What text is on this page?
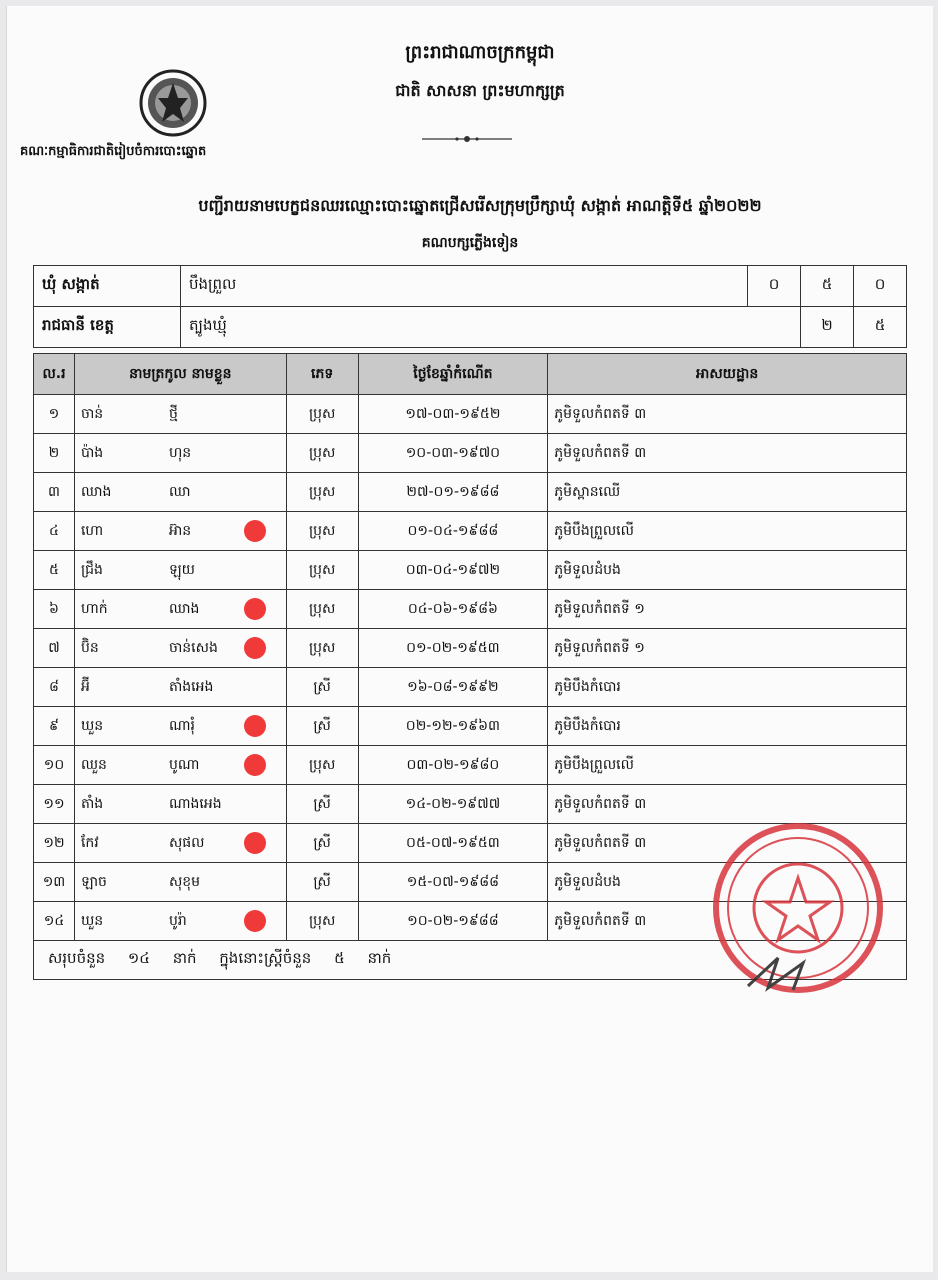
ព្រះរាជាណាចក្រកម្ពុជា
ជាតិ សាសនា ព្រះមហាក្សត្រ
គណៈកម្មាធិការជាតិរៀបចំការបោះឆ្នោត
បញ្ជីរាយនាមបេក្ខជនឈរឈ្មោះបោះឆ្នោតជ្រើសរើសក្រុមប្រឹក្សាឃុំ សង្កាត់ អាណត្តិទី៥ ឆ្នាំ២០២២
គណបក្សភ្លើងទៀន
ឃុំ សង្កាត់	បឹងព្រួល	០	៥	០
រាជធានី ខេត្ត	ត្បូងឃ្មុំ		២	៥
ល.រ	នាមត្រកូល នាមខ្លួន	ភេទ	ថ្ងៃខែឆ្នាំកំណើត	អាសយដ្ឋាន
១	ចាន់ ថ្មី	ប្រុស	១៧-០៣-១៩៥២	ភូមិទួលកំពតទី ៣
២	ប៉ាង ហុន	ប្រុស	១០-០៣-១៩៧០	ភូមិទួលកំពតទី ៣
៣	ឈាង ឈា	ប្រុស	២៧-០១-១៩៨៨	ភូមិស្ពានឈើ
៤	ហោ អ៊ាន	ប្រុស	០១-០៤-១៩៨៨	ភូមិបឹងព្រួលលើ
៥	ជ្រឹង ឡុយ	ប្រុស	០៣-០៤-១៩៧២	ភូមិទួលដំបង
៦	ហាក់ ឈាង	ប្រុស	០៤-០៦-១៩៨៦	ភូមិទួលកំពតទី ១
៧	ប៊ិន ចាន់សេង	ប្រុស	០១-០២-១៩៥៣	ភូមិទួលកំពតទី ១
៨	អ៊ី តាំងអេង	ស្រី	១៦-០៨-១៩៩២	ភូមិបឹងកំបោរ
៩	ឃួន ណារុំ	ស្រី	០២-១២-១៩៦៣	ភូមិបឹងកំបោរ
១០	ឈួន បូណា	ប្រុស	០៣-០២-១៩៨០	ភូមិបឹងព្រួលលើ
១១	តាំង ណាងអេង	ស្រី	១៤-០២-១៩៧៧	ភូមិទួលកំពតទី ៣
១២	កែវ សុផល	ស្រី	០៥-០៧-១៩៥៣	ភូមិទួលកំពតទី ៣
១៣	ឡាច សុខុម	ស្រី	១៥-០៧-១៩៨៨	ភូមិទួលដំបង
១៤	ឃួន បូរ៉ា	ប្រុស	១០-០២-១៩៨៨	ភូមិទួលកំពតទី ៣
សរុបចំនួន ១៤ នាក់ ក្នុងនោះស្ត្រីចំនួន ៥ នាក់				
